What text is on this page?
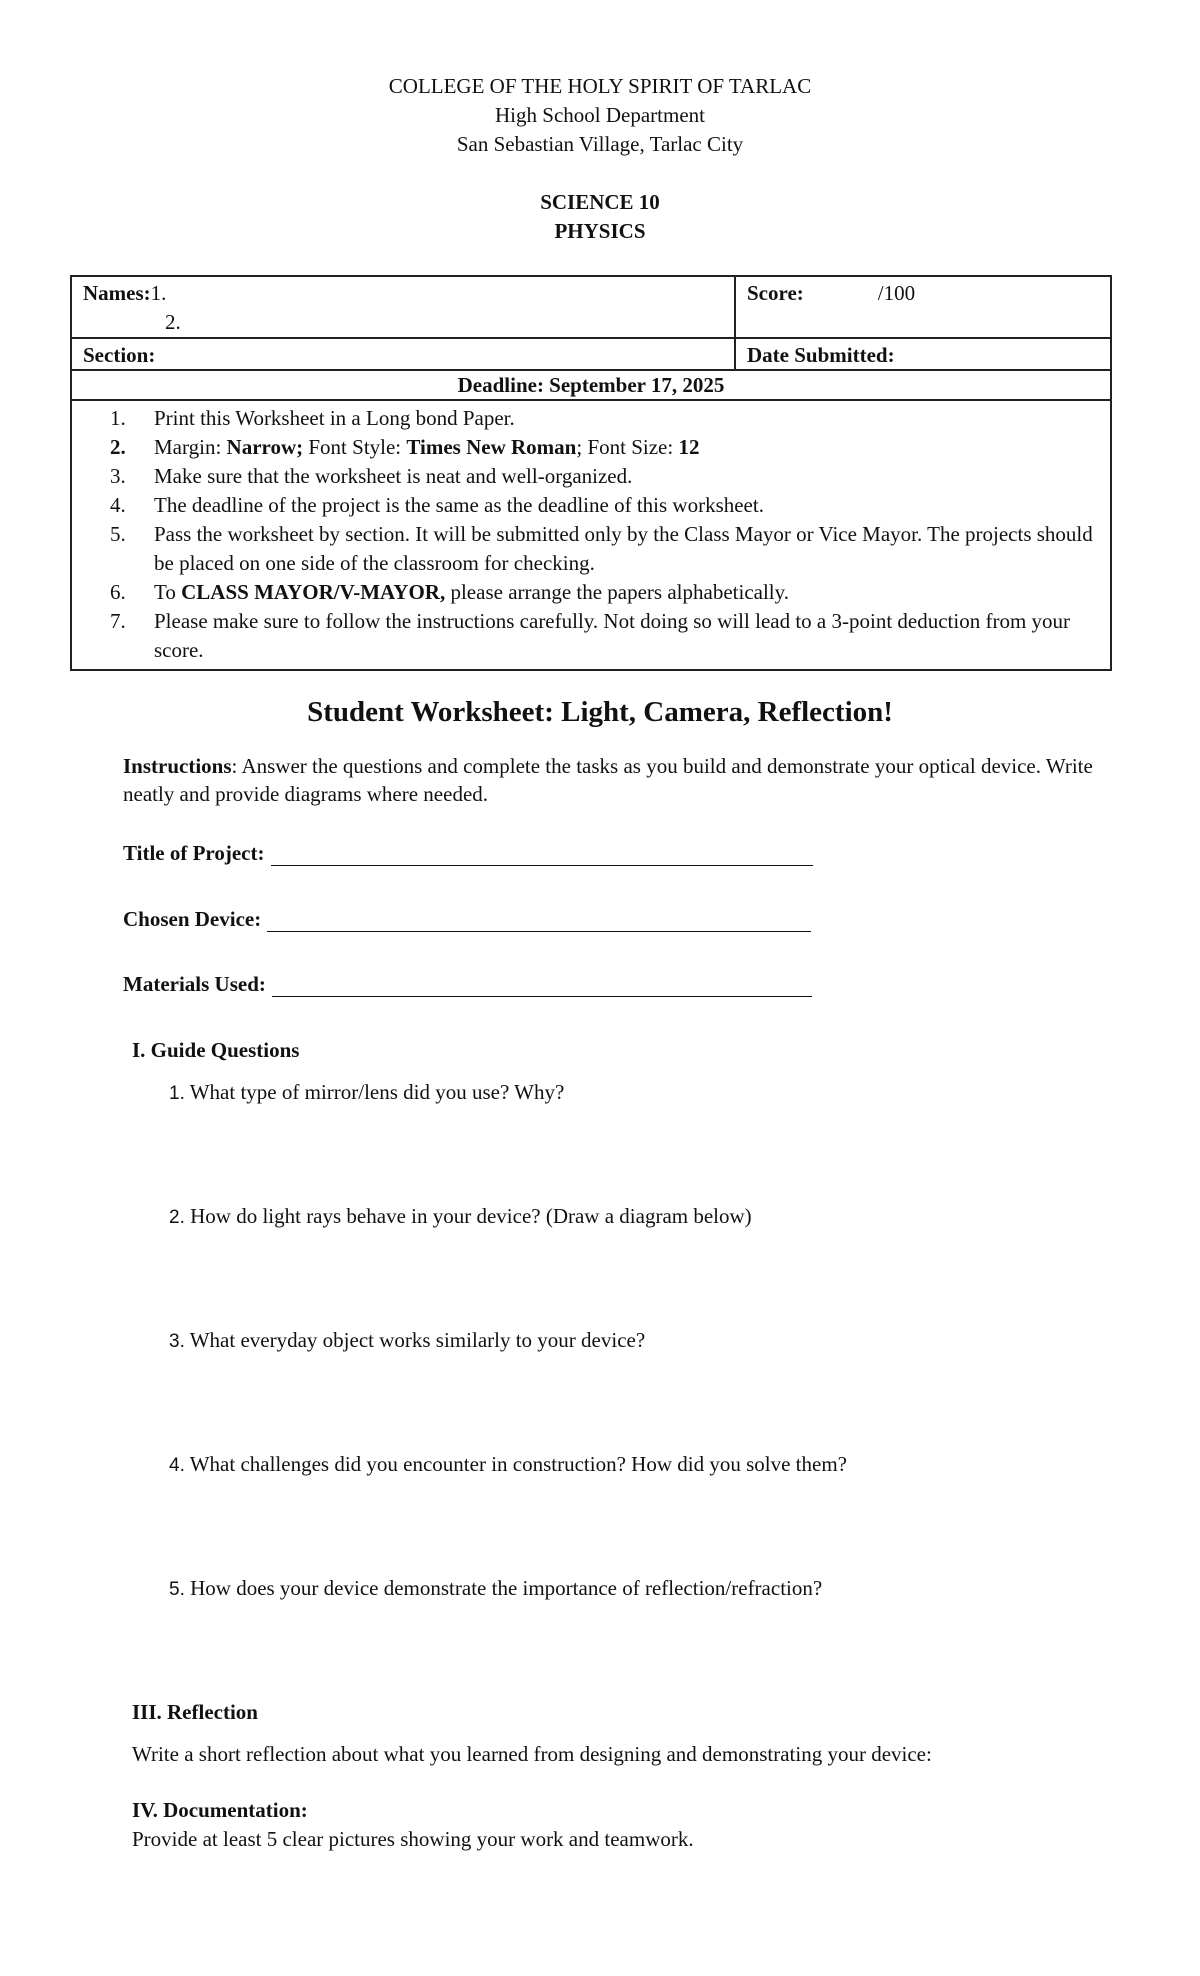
COLLEGE OF THE HOLY SPIRIT OF TARLAC
High School Department
San Sebastian Village, Tarlac City
SCIENCE 10
PHYSICS
Names:1.
2.
Score:	/100
Section:	Date Submitted:
Deadline: September 17, 2025
1.	Print this Worksheet in a Long bond Paper.
2.	Margin: Narrow; Font Style: Times New Roman; Font Size: 12
3.	Make sure that the worksheet is neat and well-organized.
4.	The deadline of the project is the same as the deadline of this worksheet.
5.	Pass the worksheet by section. It will be submitted only by the Class Mayor or Vice Mayor. The projects should be placed on one side of the classroom for checking.
6.	To CLASS MAYOR/V-MAYOR, please arrange the papers alphabetically.
7.	Please make sure to follow the instructions carefully. Not doing so will lead to a 3-point deduction from your score.
Student Worksheet: Light, Camera, Reflection!
Instructions: Answer the questions and complete the tasks as you build and demonstrate your optical device. Write neatly and provide diagrams where needed.
Title of Project:
Chosen Device:
Materials Used:
I. Guide Questions
1. What type of mirror/lens did you use? Why?
2. How do light rays behave in your device? (Draw a diagram below)
3. What everyday object works similarly to your device?
4. What challenges did you encounter in construction? How did you solve them?
5. How does your device demonstrate the importance of reflection/refraction?
III. Reflection
Write a short reflection about what you learned from designing and demonstrating your device:
IV. Documentation:
Provide at least 5 clear pictures showing your work and teamwork.
